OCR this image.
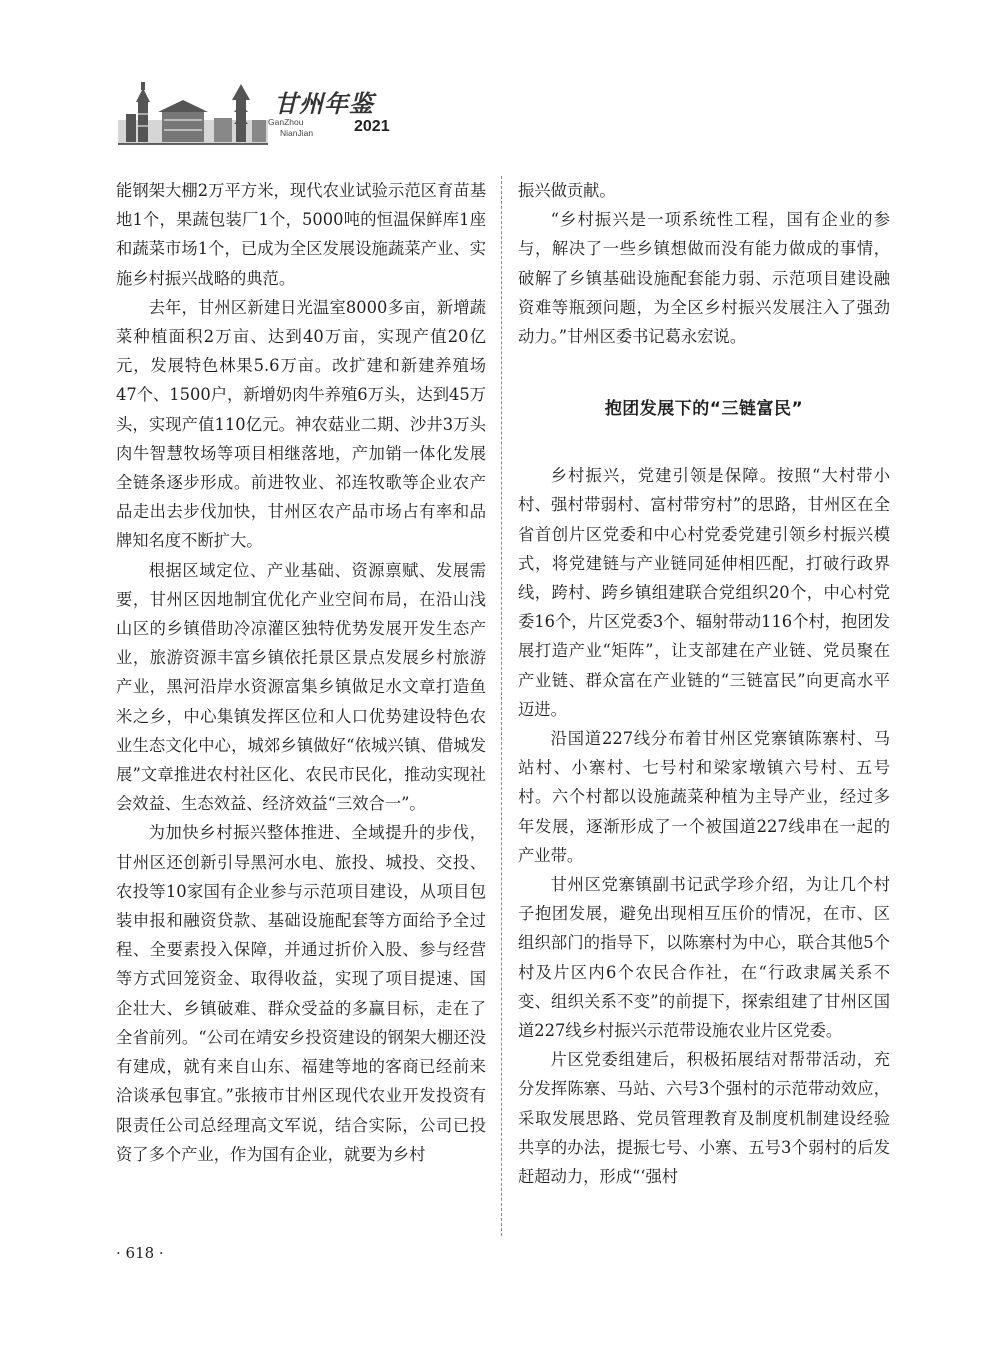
甘州年鉴
GanZhou
NianJian	2021

能钢架大棚2万平方米，现代农业试验示范区育苗基地1个，果蔬包装厂1个，5000吨的恒温保鲜库1座和蔬菜市场1个，已成为全区发展设施蔬菜产业、实施乡村振兴战略的典范。

去年，甘州区新建日光温室8000多亩，新增蔬菜种植面积2万亩、达到40万亩，实现产值20亿元，发展特色林果5.6万亩。改扩建和新建养殖场47个、1500户，新增奶肉牛养殖6万头，达到45万头，实现产值110亿元。神农菇业二期、沙井3万头肉牛智慧牧场等项目相继落地，产加销一体化发展全链条逐步形成。前进牧业、祁连牧歌等企业农产品走出去步伐加快，甘州区农产品市场占有率和品牌知名度不断扩大。

根据区域定位、产业基础、资源禀赋、发展需要，甘州区因地制宜优化产业空间布局，在沿山浅山区的乡镇借助冷凉灌区独特优势发展开发生态产业，旅游资源丰富乡镇依托景区景点发展乡村旅游产业，黑河沿岸水资源富集乡镇做足水文章打造鱼米之乡，中心集镇发挥区位和人口优势建设特色农业生态文化中心，城郊乡镇做好“依城兴镇、借城发展”文章推进农村社区化、农民市民化，推动实现社会效益、生态效益、经济效益“三效合一”。

为加快乡村振兴整体推进、全域提升的步伐，甘州区还创新引导黑河水电、旅投、城投、交投、农投等10家国有企业参与示范项目建设，从项目包装申报和融资贷款、基础设施配套等方面给予全过程、全要素投入保障，并通过折价入股、参与经营等方式回笼资金、取得收益，实现了项目提速、国企壮大、乡镇破难、群众受益的多赢目标，走在了全省前列。“公司在靖安乡投资建设的钢架大棚还没有建成，就有来自山东、福建等地的客商已经前来洽谈承包事宜。”张掖市甘州区现代农业开发投资有限责任公司总经理高文军说，结合实际，公司已投资了多个产业，作为国有企业，就要为乡村

振兴做贡献。

“乡村振兴是一项系统性工程，国有企业的参与，解决了一些乡镇想做而没有能力做成的事情，破解了乡镇基础设施配套能力弱、示范项目建设融资难等瓶颈问题，为全区乡村振兴发展注入了强劲动力。”甘州区委书记葛永宏说。

抱团发展下的“三链富民”

乡村振兴，党建引领是保障。按照“大村带小村、强村带弱村、富村带穷村”的思路，甘州区在全省首创片区党委和中心村党委党建引领乡村振兴模式，将党建链与产业链同延伸相匹配，打破行政界线，跨村、跨乡镇组建联合党组织20个，中心村党委16个，片区党委3个、辐射带动116个村，抱团发展打造产业“矩阵”，让支部建在产业链、党员聚在产业链、群众富在产业链的“三链富民”向更高水平迈进。

沿国道227线分布着甘州区党寨镇陈寨村、马站村、小寨村、七号村和梁家墩镇六号村、五号村。六个村都以设施蔬菜种植为主导产业，经过多年发展，逐渐形成了一个被国道227线串在一起的产业带。

甘州区党寨镇副书记武学珍介绍，为让几个村子抱团发展，避免出现相互压价的情况，在市、区组织部门的指导下，以陈寨村为中心，联合其他5个村及片区内6个农民合作社，在“行政隶属关系不变、组织关系不变”的前提下，探索组建了甘州区国道227线乡村振兴示范带设施农业片区党委。

片区党委组建后，积极拓展结对帮带活动，充分发挥陈寨、马站、六号3个强村的示范带动效应，采取发展思路、党员管理教育及制度机制建设经验共享的办法，提振七号、小寨、五号3个弱村的后发赶超动力，形成“‘强村

· 618 ·
